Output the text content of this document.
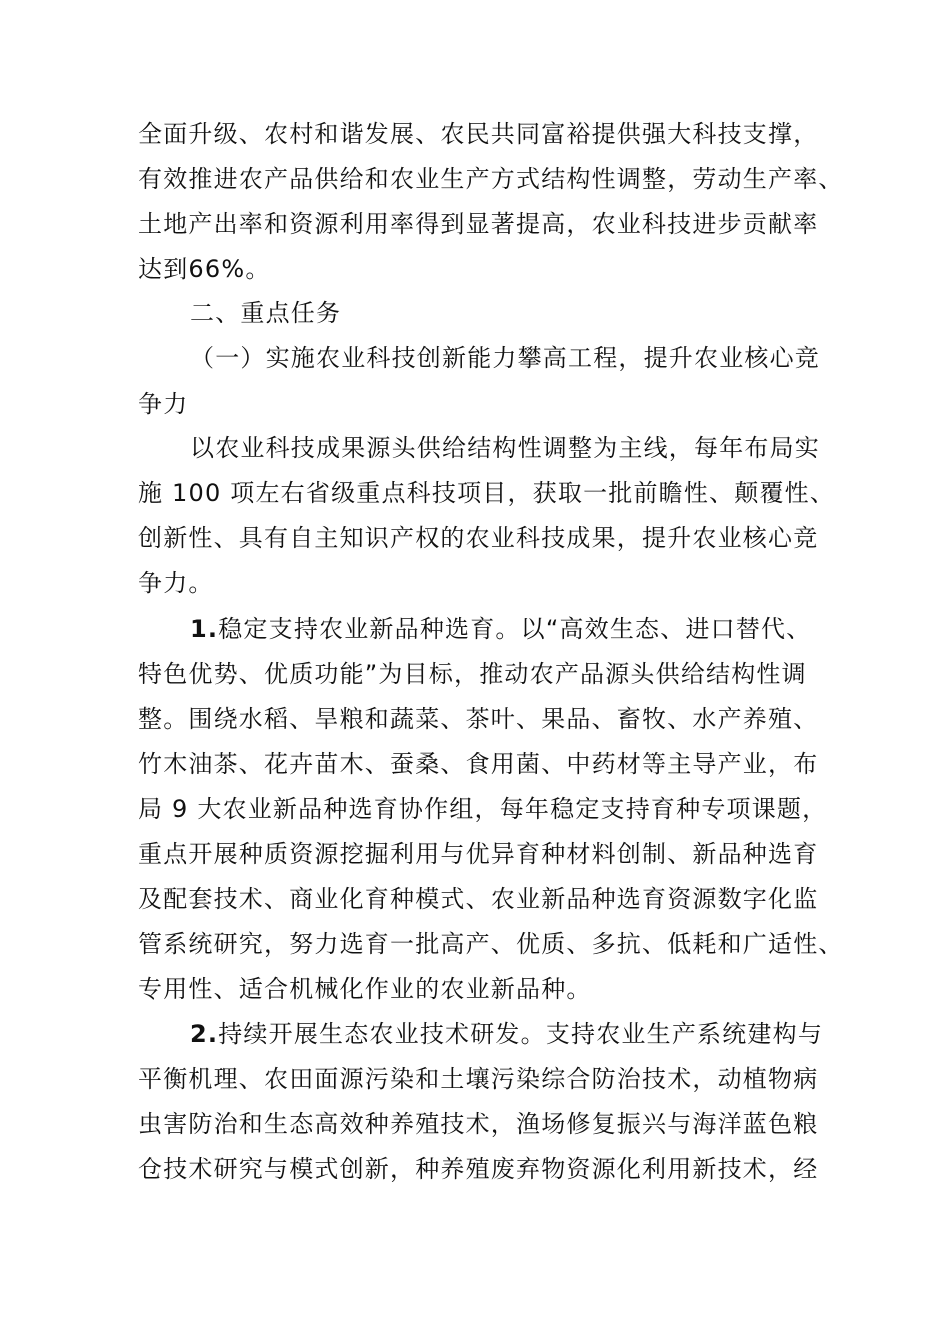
全面升级、农村和谐发展、农民共同富裕提供强大科技支撑，
有效推进农产品供给和农业生产方式结构性调整，劳动生产率、
土地产出率和资源利用率得到显著提高，农业科技进步贡献率
达到66%。
二、重点任务
（一）实施农业科技创新能力攀高工程，提升农业核心竞
争力
以农业科技成果源头供给结构性调整为主线，每年布局实
施 100 项左右省级重点科技项目，获取一批前瞻性、颠覆性、
创新性、具有自主知识产权的农业科技成果，提升农业核心竞
争力。
1.稳定支持农业新品种选育。以“高效生态、进口替代、
特色优势、优质功能”为目标，推动农产品源头供给结构性调
整。围绕水稻、旱粮和蔬菜、茶叶、果品、畜牧、水产养殖、
竹木油茶、花卉苗木、蚕桑、食用菌、中药材等主导产业，布
局 9 大农业新品种选育协作组，每年稳定支持育种专项课题，
重点开展种质资源挖掘利用与优异育种材料创制、新品种选育
及配套技术、商业化育种模式、农业新品种选育资源数字化监
管系统研究，努力选育一批高产、优质、多抗、低耗和广适性、
专用性、适合机械化作业的农业新品种。
2.持续开展生态农业技术研发。支持农业生产系统建构与
平衡机理、农田面源污染和土壤污染综合防治技术，动植物病
虫害防治和生态高效种养殖技术，渔场修复振兴与海洋蓝色粮
仓技术研究与模式创新，种养殖废弃物资源化利用新技术，经
